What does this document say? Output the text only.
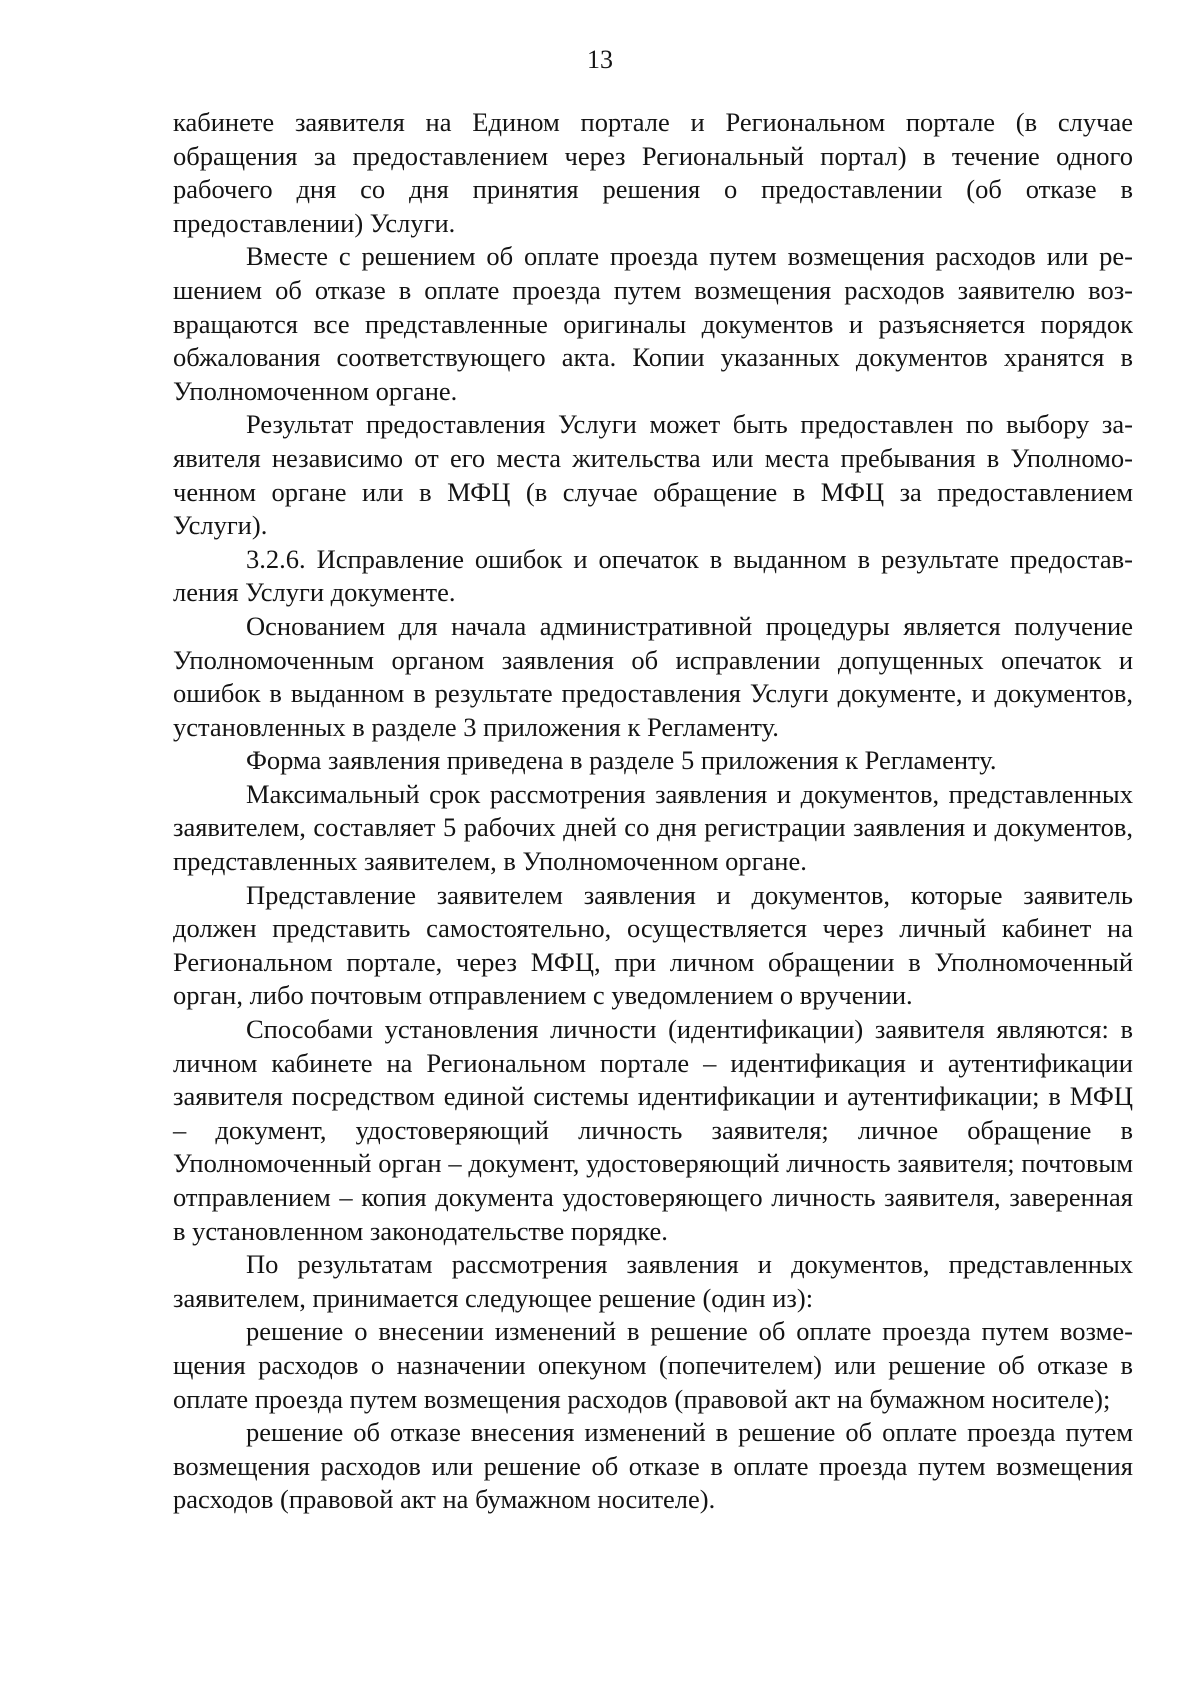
13

кабинете заявителя на Едином портале и Региональном портале (в случае обращения за предоставлением через Региональный портал) в течение одного рабочего дня со дня принятия решения о предоставлении (об отказе в предоставлении) Услуги.

Вместе с решением об оплате проезда путем возмещения расходов или решением об отказе в оплате проезда путем возмещения расходов заявителю возвращаются все представленные оригиналы документов и разъясняется порядок обжалования соответствующего акта. Копии указанных документов хранятся в Уполномоченном органе.

Результат предоставления Услуги может быть предоставлен по выбору заявителя независимо от его места жительства или места пребывания в Уполномоченном органе или в МФЦ (в случае обращение в МФЦ за предоставлением Услуги).

3.2.6. Исправление ошибок и опечаток в выданном в результате предоставления Услуги документе.

Основанием для начала административной процедуры является получение Уполномоченным органом заявления об исправлении допущенных опечаток и ошибок в выданном в результате предоставления Услуги документе, и документов, установленных в разделе 3 приложения к Регламенту.

Форма заявления приведена в разделе 5 приложения к Регламенту.

Максимальный срок рассмотрения заявления и документов, представленных заявителем, составляет 5 рабочих дней со дня регистрации заявления и документов, представленных заявителем, в Уполномоченном органе.

Представление заявителем заявления и документов, которые заявитель должен представить самостоятельно, осуществляется через личный кабинет на Региональном портале, через МФЦ, при личном обращении в Уполномоченный орган, либо почтовым отправлением с уведомлением о вручении.

Способами установления личности (идентификации) заявителя являются: в личном кабинете на Региональном портале – идентификация и аутентификации заявителя посредством единой системы идентификации и аутентификации; в МФЦ – документ, удостоверяющий личность заявителя; личное обращение в Уполномоченный орган – документ, удостоверяющий личность заявителя; почтовым отправлением – копия документа удостоверяющего личность заявителя, заверенная в установленном законодательстве порядке.

По результатам рассмотрения заявления и документов, представленных заявителем, принимается следующее решение (один из):

решение о внесении изменений в решение об оплате проезда путем возмещения расходов о назначении опекуном (попечителем) или решение об отказе в оплате проезда путем возмещения расходов (правовой акт на бумажном носителе);

решение об отказе внесения изменений в решение об оплате проезда путем возмещения расходов или решение об отказе в оплате проезда путем возмещения расходов (правовой акт на бумажном носителе).
